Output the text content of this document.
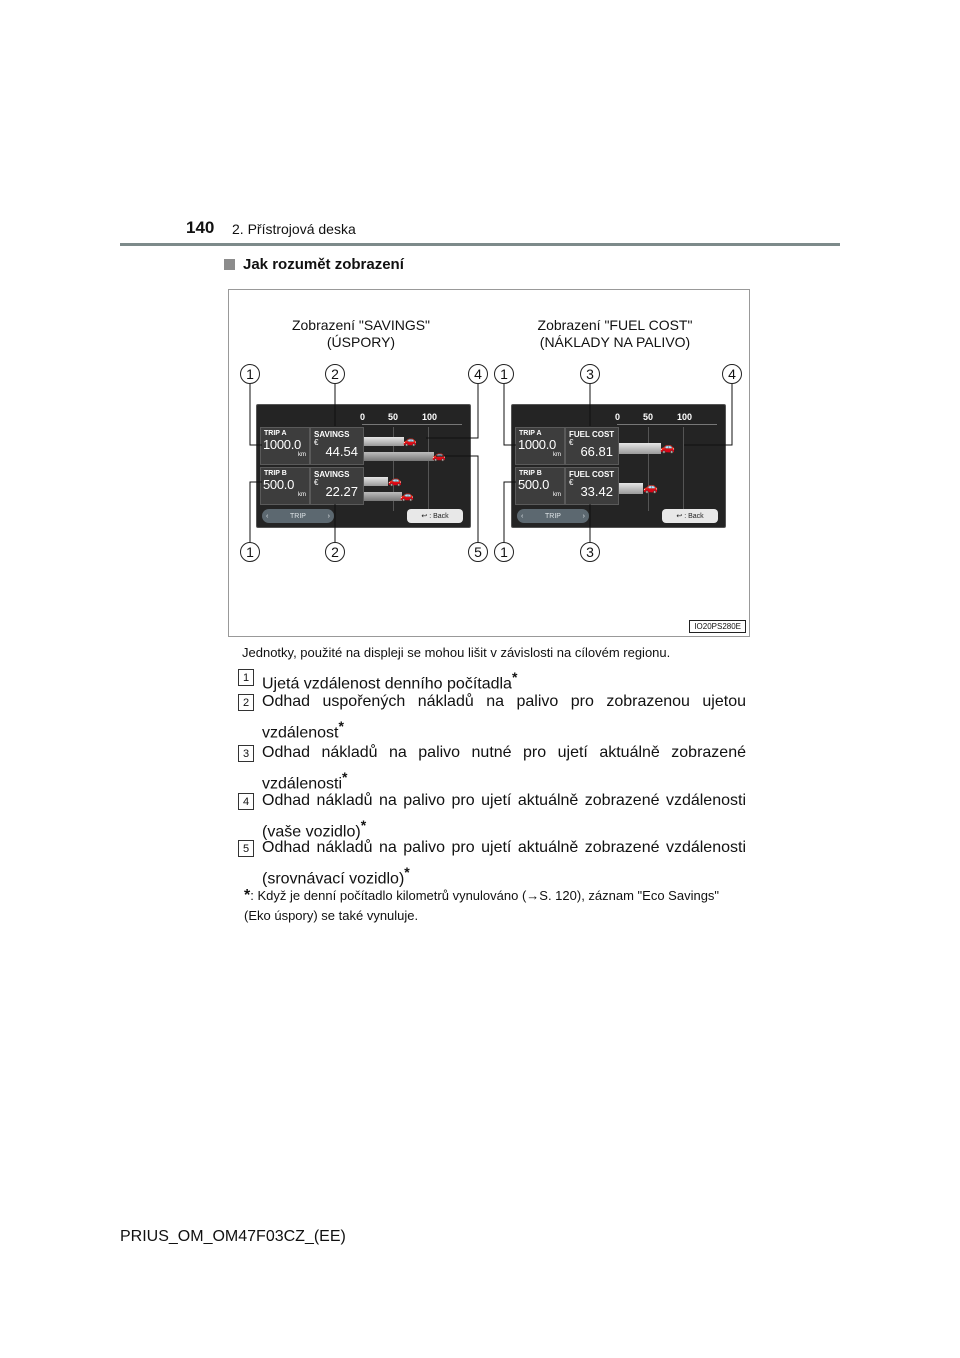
140 2. Přístrojová deska
Jak rozumět zobrazení
Zobrazení "SAVINGS"
(ÚSPORY)
Zobrazení "FUEL COST"
(NÁKLADY NA PALIVO)
0	50	100
TRIP A
1000.0
km
TRIP B
500.0
km
SAVINGS
€
44.54
SAVINGS
€
22.27
🚗
🚗
🚗
🚗
‹	TRIP	›	↩ : Back
0	50	100
TRIP A
1000.0
km
TRIP B
500.0
km
FUEL COST
€
66.81
FUEL COST
€
33.42
🚗
🚗
‹	TRIP	›	↩ : Back
1	2	4	1	3	4
1	2	5	1	3
IO20PS280E
Jednotky, použité na displeji se mohou lišit v závislosti na cílovém regionu.
1 Ujetá vzdálenost denního počítadla*
2 Odhad uspořených nákladů na palivo pro zobrazenou ujetou vzdálenost*
3 Odhad nákladů na palivo nutné pro ujetí aktuálně zobrazené vzdálenosti*
4 Odhad nákladů na palivo pro ujetí aktuálně zobrazené vzdálenosti (vaše vozidlo)*
5 Odhad nákladů na palivo pro ujetí aktuálně zobrazené vzdálenosti (srovnávací vozidlo)*
*: Když je denní počítadlo kilometrů vynulováno (→S. 120), záznam "Eco Savings" (Eko úspory) se také vynuluje.
PRIUS_OM_OM47F03CZ_(EE)
